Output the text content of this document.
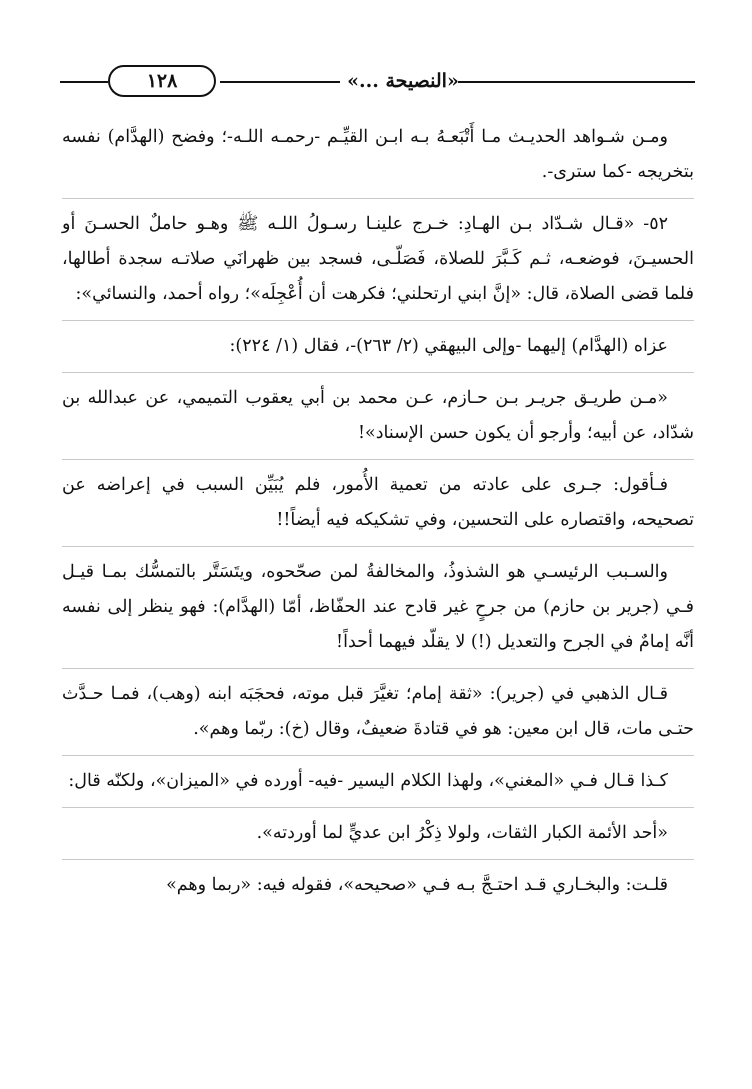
١٢٨	«النصيحة ...»

ومـن شـواهد الحديـث مـا أَتْبَعـهُ بـه ابـن القيِّـم -رحمـه اللـه-؛ وفضح (الهدَّام) نفسه بتخريجه -كما سترى-.

٥٢- «قـال شـدّاد بـن الهـادِ: خـرج علينـا رسـولُ اللـه ﷺ وهـو حاملٌ الحسـنَ أو الحسيـنَ، فوضعـه، ثـم كَـبَّرَ للصلاة، فَصَلّـى، فسجد بين ظهرانَي صلاتـه سجدة أطالها، فلما قضى الصلاة، قال: «إنَّ ابني ارتحلني؛ فكرهت أن أُعْجِلَه»؛ رواه أحمد، والنسائي»:

عزاه (الهدَّام) إليهما -وإلى البيهقي (٢/ ٢٦٣)-، فقال (١/ ٢٢٤):

«مـن طريـق جريـر بـن حـازم، عـن محمد بن أبي يعقوب التميمي، عن عبدالله بن شدّاد، عن أبيه؛ وأرجو أن يكون حسن الإسناد»!

فـأقول: جـرى على عادته من تعمية الأُمور، فلم يُبَيِّن السبب في إعراضه عن تصحيحه، واقتصاره على التحسين، وفي تشكيكه فيه أيضاً!!

والسـبب الرئيسـي هو الشذوذُ، والمخالفةُ لمن صحّحوه، ويتَسَتَّر بالتمسُّك بمـا قيـل فـي (جرير بن حازم) من جرحٍ غير قادح عند الحفّاظ، أمّا (الهدَّام): فهو ينظر إلى نفسه أنَّه إمامٌ في الجرح والتعديل (!) لا يقلّد فيهما أحداً!

قـال الذهبي في (جرير): «ثقة إمام؛ تغيَّرَ قبل موته، فحجَبَه ابنه (وهب)، فمـا حـدَّث حتـى مات، قال ابن معين: هو في قتادةَ ضعيفٌ، وقال (خ): ربّما وهم».

كـذا قـال فـي «المغني»، ولهذا الكلام اليسير -فيه- أورده في «الميزان»، ولكنّه قال:

«أحد الأئمة الكبار الثقات، ولولا ذِكْرُ ابن عديٍّ لما أوردته».

قلـت: والبخـاري قـد احتـجَّ بـه فـي «صحيحه»، فقوله فيه: «ربما وهم»
